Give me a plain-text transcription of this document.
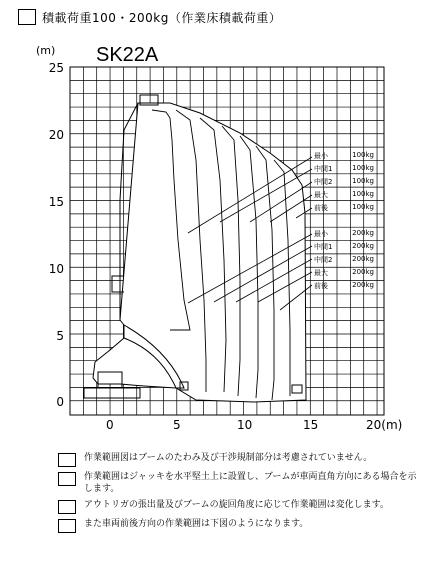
積載荷重100・200kg（作業床積載荷重）
SK22A
(m)
25
20
15
10
5
0
0	5	10	15	20(m)
最小	100kg
中間1	100kg
中間2	100kg
最大	100kg
前後	100kg
最小	200kg
中間1	200kg
中間2	200kg
最大	200kg
前後	200kg
作業範囲図はブームのたわみ及び干渉規制部分は考慮されていません。
作業範囲はジャッキを水平堅土上に設置し、ブームが車両直角方向にある場合を示します。
アウトリガの張出量及びブームの旋回角度に応じて作業範囲は変化します。
また車両前後方向の作業範囲は下図のようになります。
